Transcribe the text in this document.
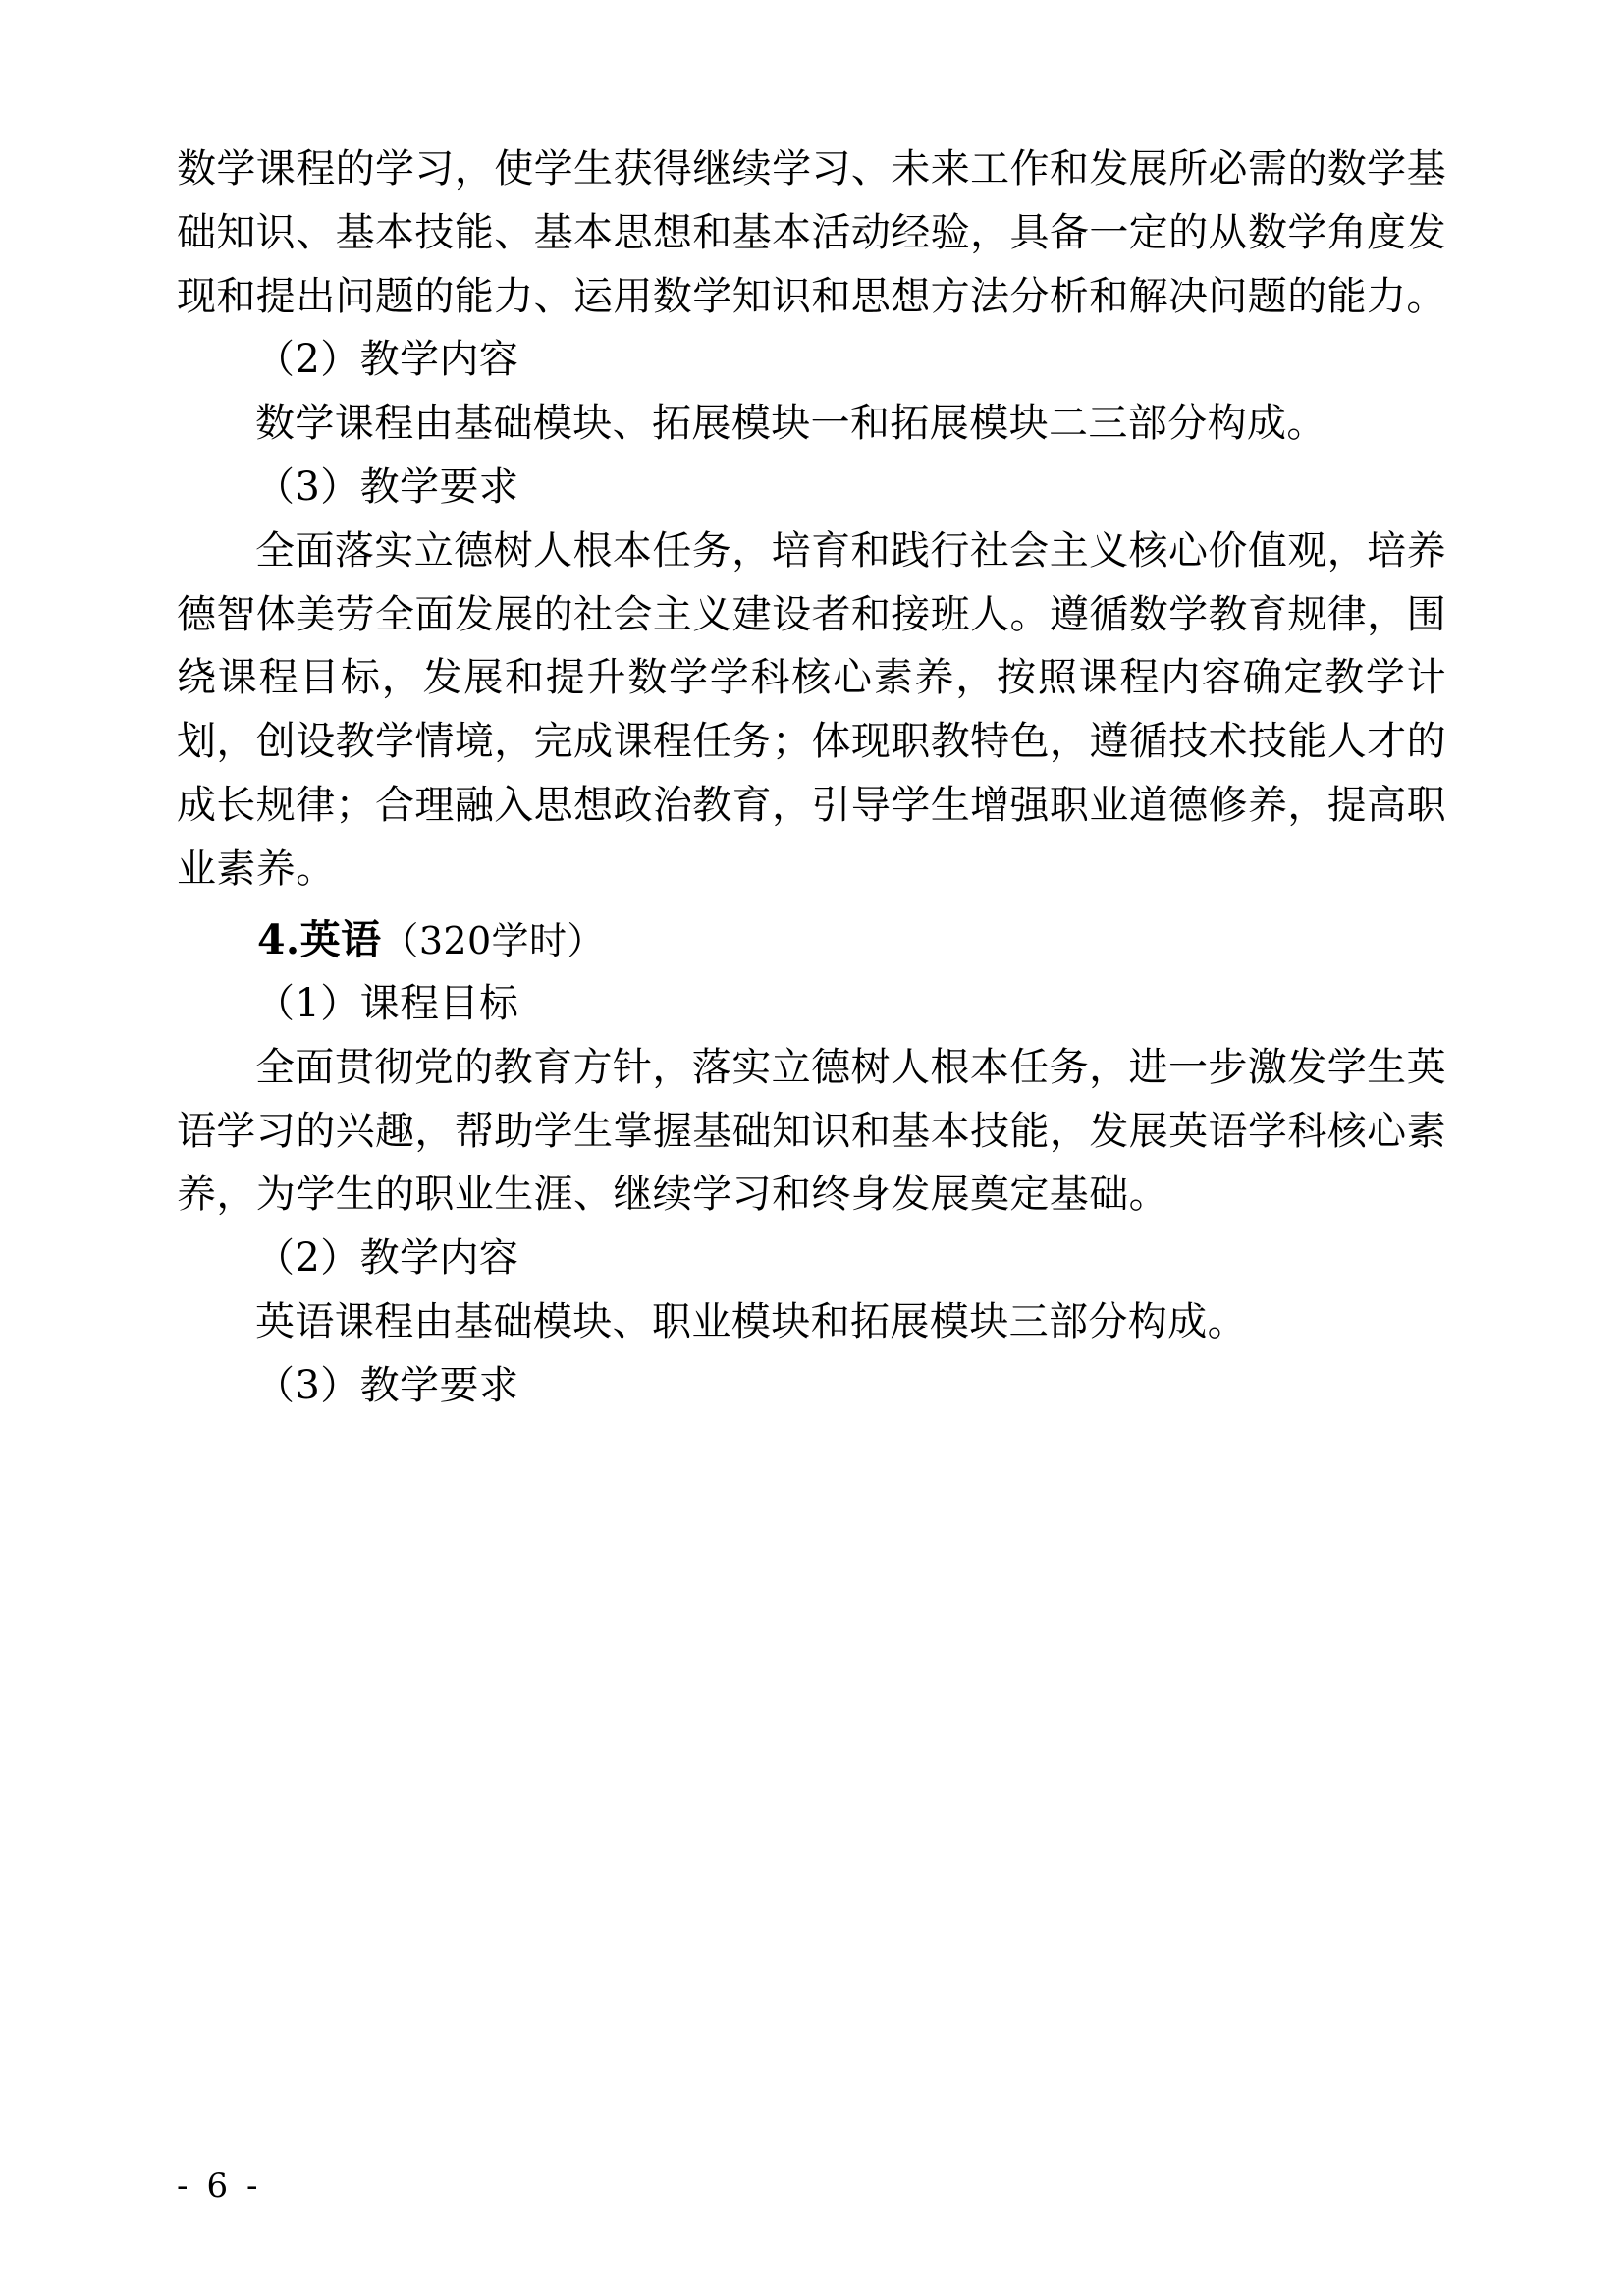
数学课程的学习，使学生获得继续学习、未来工作和发展所必需的数学基础知识、基本技能、基本思想和基本活动经验，具备一定的从数学角度发现和提出问题的能力、运用数学知识和思想方法分析和解决问题的能力。

（2）教学内容

数学课程由基础模块、拓展模块一和拓展模块二三部分构成。

（3）教学要求

全面落实立德树人根本任务，培育和践行社会主义核心价值观，培养德智体美劳全面发展的社会主义建设者和接班人。遵循数学教育规律，围绕课程目标，发展和提升数学学科核心素养，按照课程内容确定教学计划，创设教学情境，完成课程任务；体现职教特色，遵循技术技能人才的成长规律；合理融入思想政治教育，引导学生增强职业道德修养，提高职业素养。

4.英语（320学时）

（1）课程目标

全面贯彻党的教育方针，落实立德树人根本任务，进一步激发学生英语学习的兴趣，帮助学生掌握基础知识和基本技能，发展英语学科核心素养，为学生的职业生涯、继续学习和终身发展奠定基础。

（2）教学内容

英语课程由基础模块、职业模块和拓展模块三部分构成。

（3）教学要求

- 6 -
